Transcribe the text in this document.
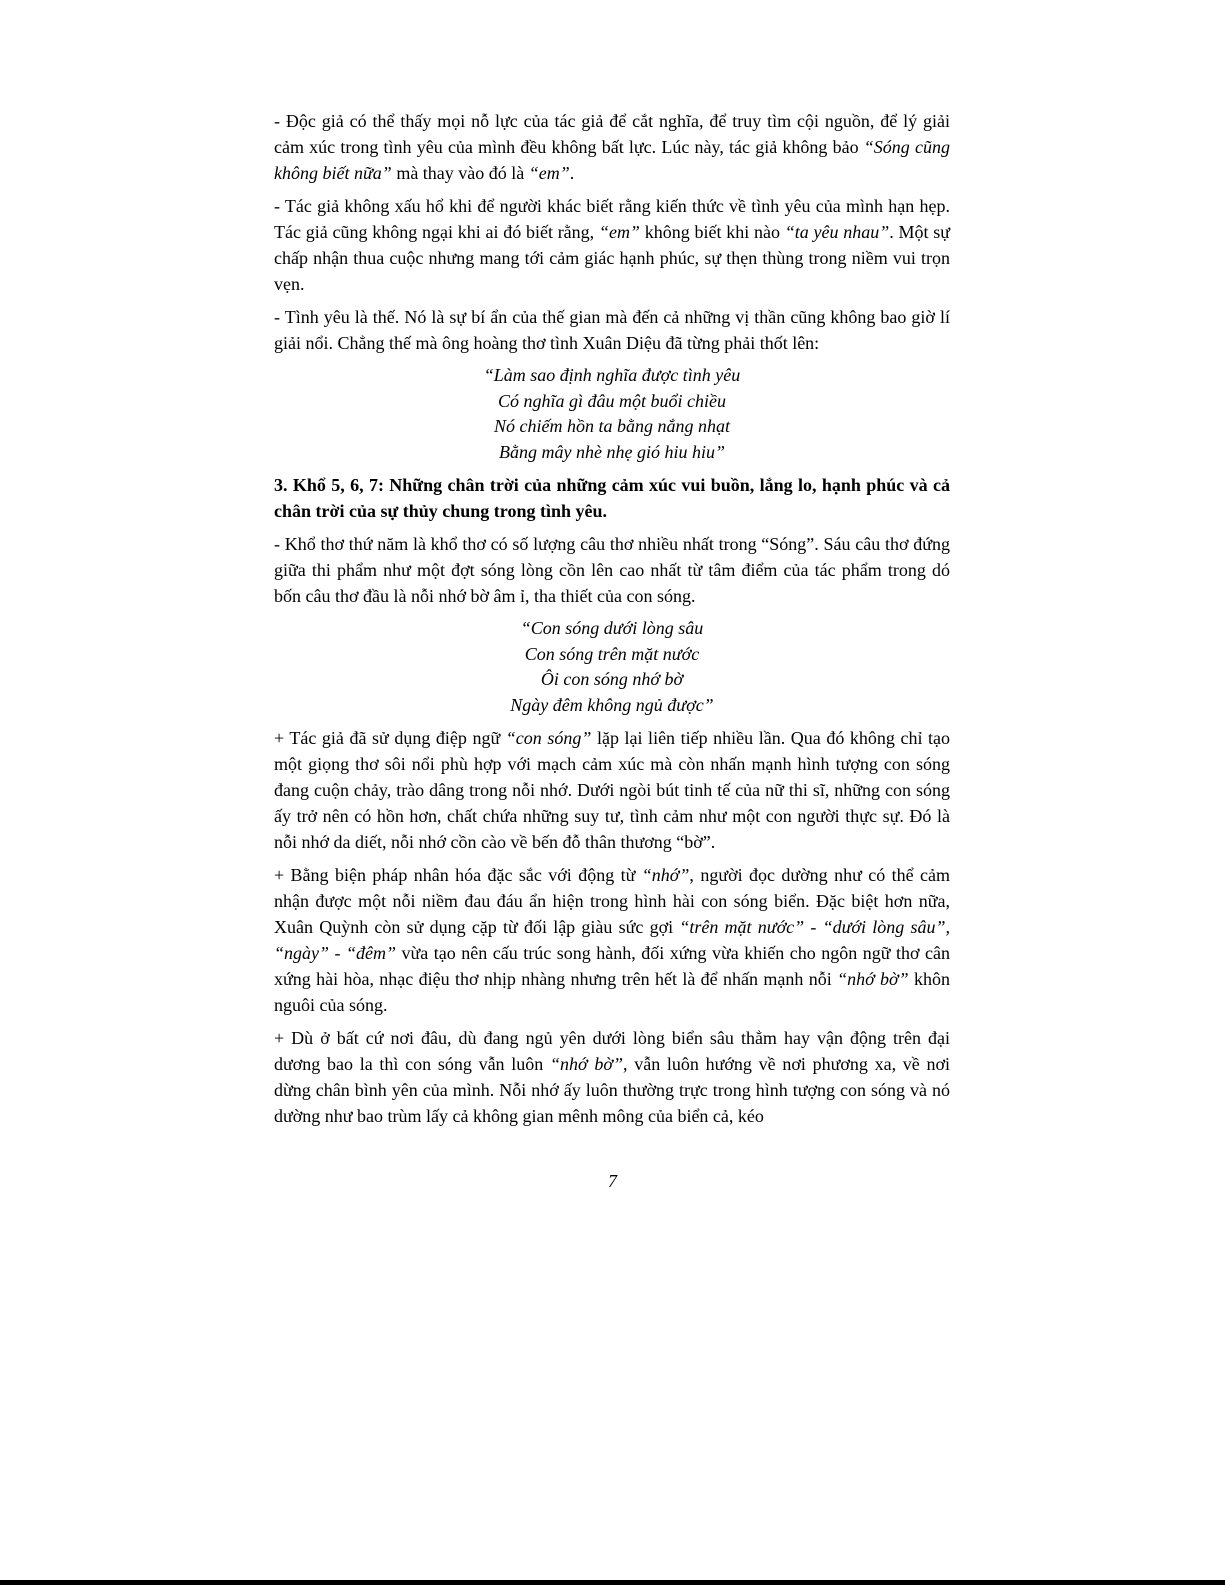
- Độc giả có thể thấy mọi nỗ lực của tác giả để cắt nghĩa, để truy tìm cội nguồn, để lý giải cảm xúc trong tình yêu của mình đều không bất lực. Lúc này, tác giả không bảo “Sóng cũng không biết nữa” mà thay vào đó là “em”.

- Tác giả không xấu hổ khi để người khác biết rằng kiến thức về tình yêu của mình hạn hẹp. Tác giả cũng không ngại khi ai đó biết rằng, “em” không biết khi nào “ta yêu nhau”. Một sự chấp nhận thua cuộc nhưng mang tới cảm giác hạnh phúc, sự thẹn thùng trong niềm vui trọn vẹn.

- Tình yêu là thế. Nó là sự bí ẩn của thế gian mà đến cả những vị thần cũng không bao giờ lí giải nổi. Chẳng thế mà ông hoàng thơ tình Xuân Diệu đã từng phải thốt lên:

“Làm sao định nghĩa được tình yêu
Có nghĩa gì đâu một buổi chiều
Nó chiếm hồn ta bằng nắng nhạt
Bằng mây nhè nhẹ gió hiu hiu”

3. Khổ 5, 6, 7: Những chân trời của những cảm xúc vui buồn, lắng lo, hạnh phúc và cả chân trời của sự thủy chung trong tình yêu.

- Khổ thơ thứ năm là khổ thơ có số lượng câu thơ nhiều nhất trong “Sóng”. Sáu câu thơ đứng giữa thi phẩm như một đợt sóng lòng cồn lên cao nhất từ tâm điểm của tác phẩm trong dó bốn câu thơ đầu là nỗi nhớ bờ âm ỉ, tha thiết của con sóng.

“Con sóng dưới lòng sâu
Con sóng trên mặt nước
Ôi con sóng nhớ bờ
Ngày đêm không ngủ được”

+ Tác giả đã sử dụng điệp ngữ “con sóng” lặp lại liên tiếp nhiều lần. Qua đó không chỉ tạo một giọng thơ sôi nổi phù hợp với mạch cảm xúc mà còn nhấn mạnh hình tượng con sóng đang cuộn chảy, trào dâng trong nỗi nhớ. Dưới ngòi bút tinh tế của nữ thi sĩ, những con sóng ấy trở nên có hồn hơn, chất chứa những suy tư, tình cảm như một con người thực sự. Đó là nỗi nhớ da diết, nỗi nhớ cồn cào về bến đỗ thân thương “bờ”.

+ Bằng biện pháp nhân hóa đặc sắc với động từ “nhớ”, người đọc dường như có thể cảm nhận được một nỗi niềm đau đáu ẩn hiện trong hình hài con sóng biển. Đặc biệt hơn nữa, Xuân Quỳnh còn sử dụng cặp từ đối lập giàu sức gợi “trên mặt nước” - “dưới lòng sâu”, “ngày” - “đêm” vừa tạo nên cấu trúc song hành, đối xứng vừa khiến cho ngôn ngữ thơ cân xứng hài hòa, nhạc điệu thơ nhịp nhàng nhưng trên hết là để nhấn mạnh nỗi “nhớ bờ” khôn nguôi của sóng.

+ Dù ở bất cứ nơi đâu, dù đang ngủ yên dưới lòng biển sâu thẳm hay vận động trên đại dương bao la thì con sóng vẫn luôn “nhớ bờ”, vẫn luôn hướng về nơi phương xa, về nơi dừng chân bình yên của mình. Nỗi nhớ ấy luôn thường trực trong hình tượng con sóng và nó dường như bao trùm lấy cả không gian mênh mông của biển cả, kéo

7
